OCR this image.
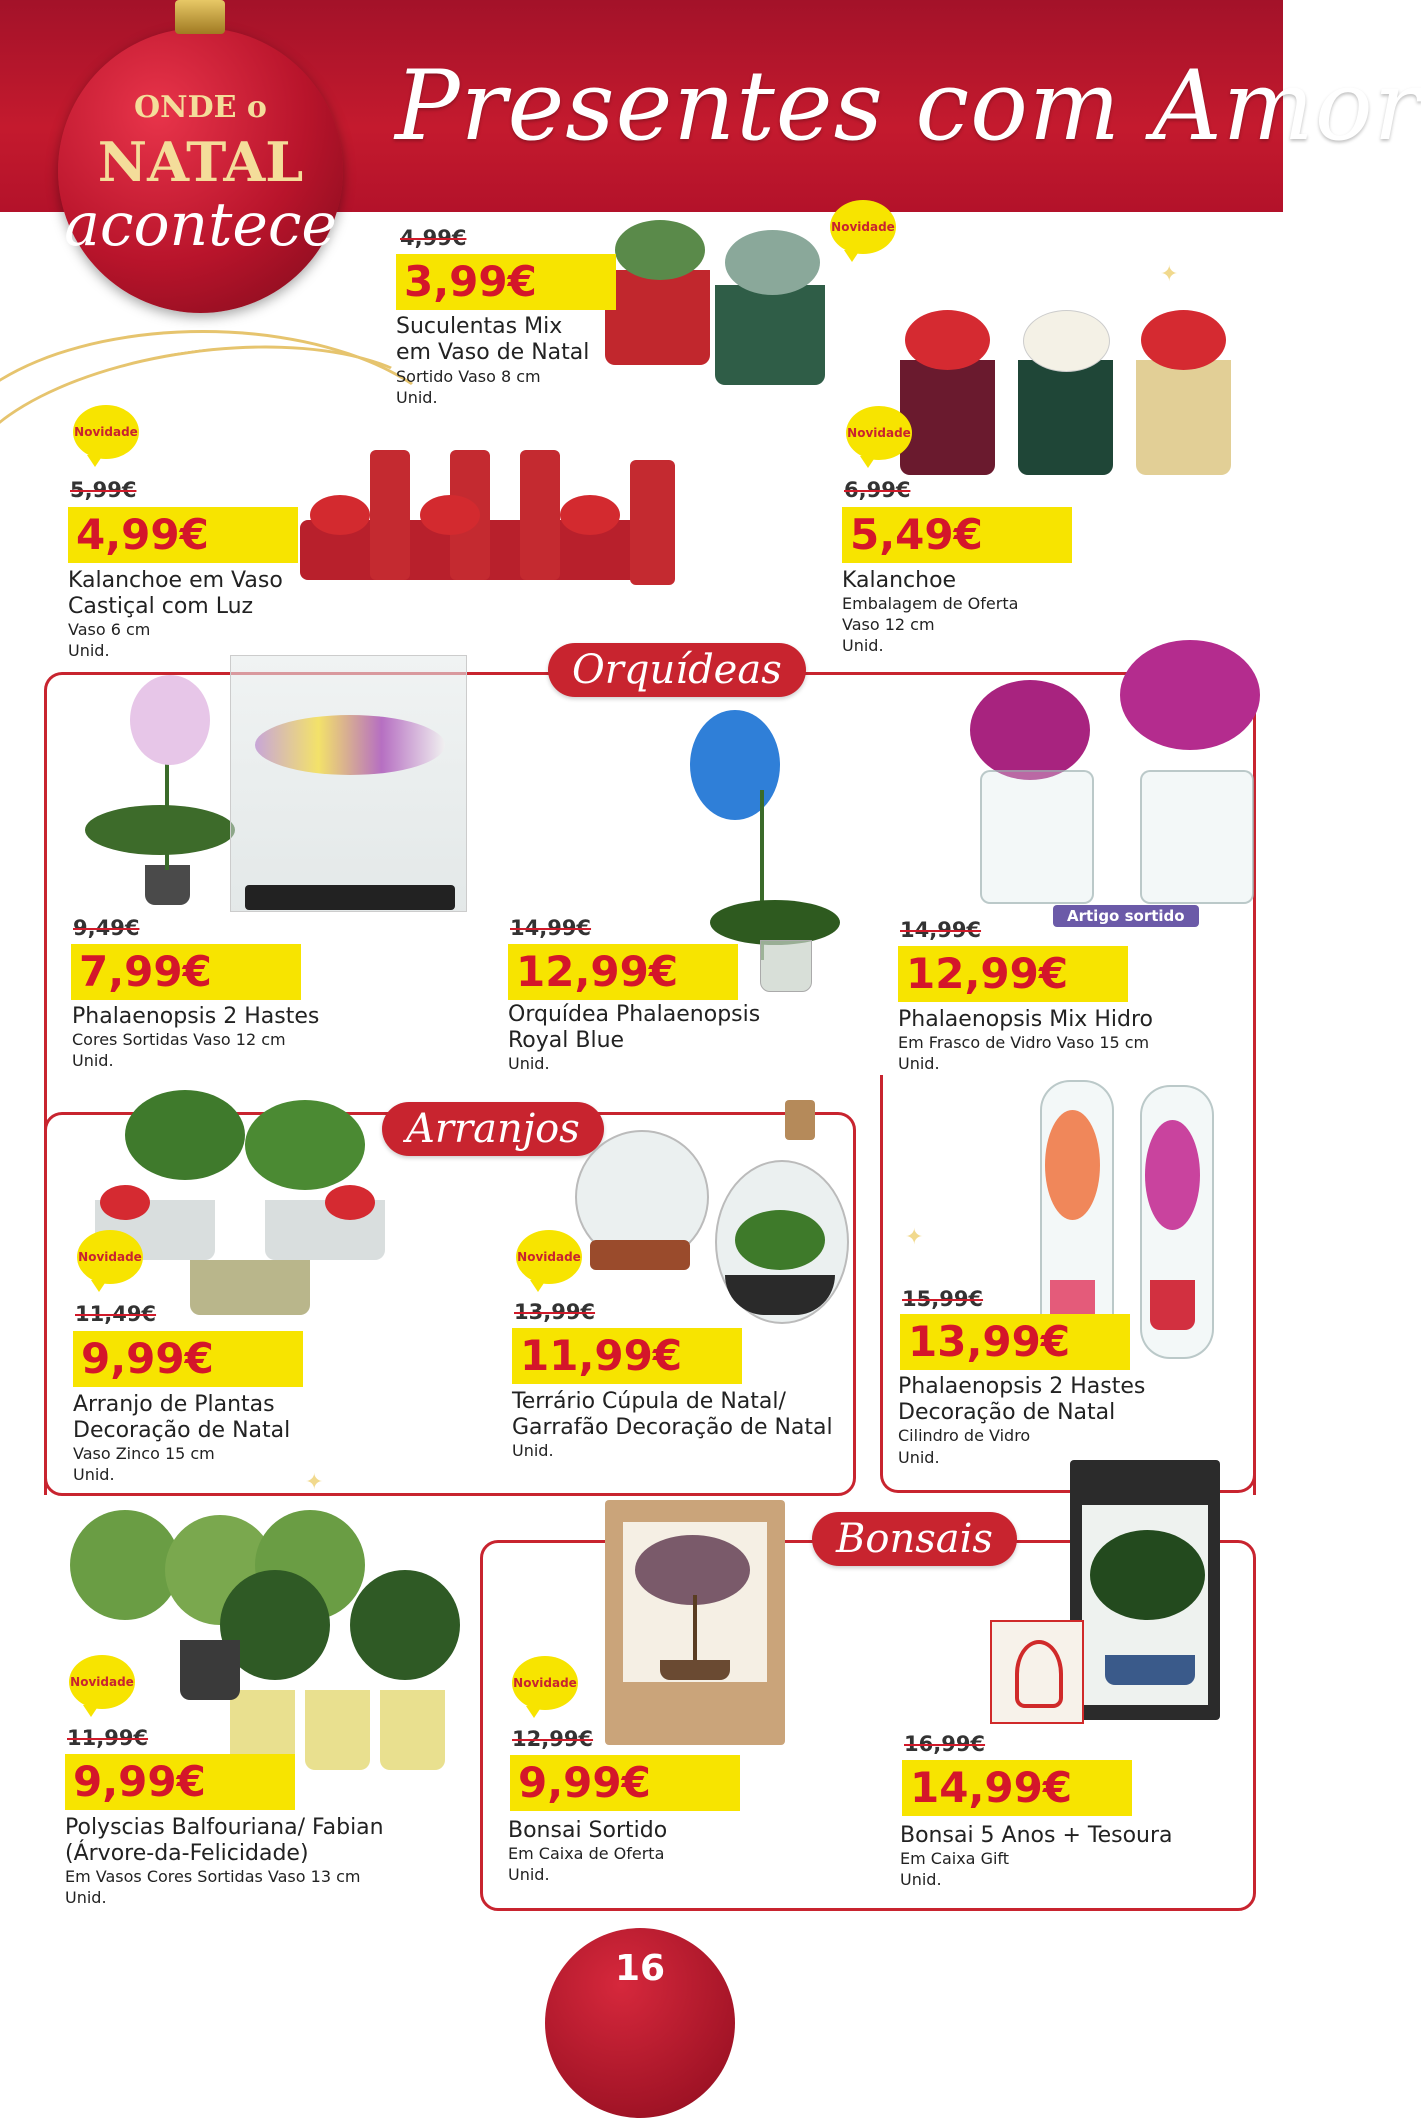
Presentes com Amor
ONDE o
NATAL
acontece
✦
✦
✦
Orquídeas
Arranjos
Bonsais
Artigo sortido
Novidade
Novidade	Novidade
Novidade	Novidade
Novidade	Novidade
4,99€
3,99€
Suculentas Mix
em Vaso de Natal
Sortido Vaso 8 cm
Unid.
5,99€
4,99€
Kalanchoe em Vaso
Castiçal com Luz
Vaso 6 cm
Unid.
6,99€
5,49€
Kalanchoe
Embalagem de Oferta
Vaso 12 cm
Unid.
9,49€
7,99€
Phalaenopsis 2 Hastes
Cores Sortidas Vaso 12 cm
Unid.
14,99€
12,99€
Orquídea Phalaenopsis
Royal Blue
Unid.
14,99€
12,99€
Phalaenopsis Mix Hidro
Em Frasco de Vidro Vaso 15 cm
Unid.
11,49€
9,99€
Arranjo de Plantas
Decoração de Natal
Vaso Zinco 15 cm
Unid.
13,99€
11,99€
Terrário Cúpula de Natal/
Garrafão Decoração de Natal
Unid.
15,99€
13,99€
Phalaenopsis 2 Hastes
Decoração de Natal
Cilindro de Vidro
Unid.
11,99€
9,99€
Polyscias Balfouriana/ Fabian
(Árvore-da-Felicidade)
Em Vasos Cores Sortidas Vaso 13 cm
Unid.
12,99€
9,99€
Bonsai Sortido
Em Caixa de Oferta
Unid.
16,99€
14,99€
Bonsai 5 Anos + Tesoura
Em Caixa Gift
Unid.
16
